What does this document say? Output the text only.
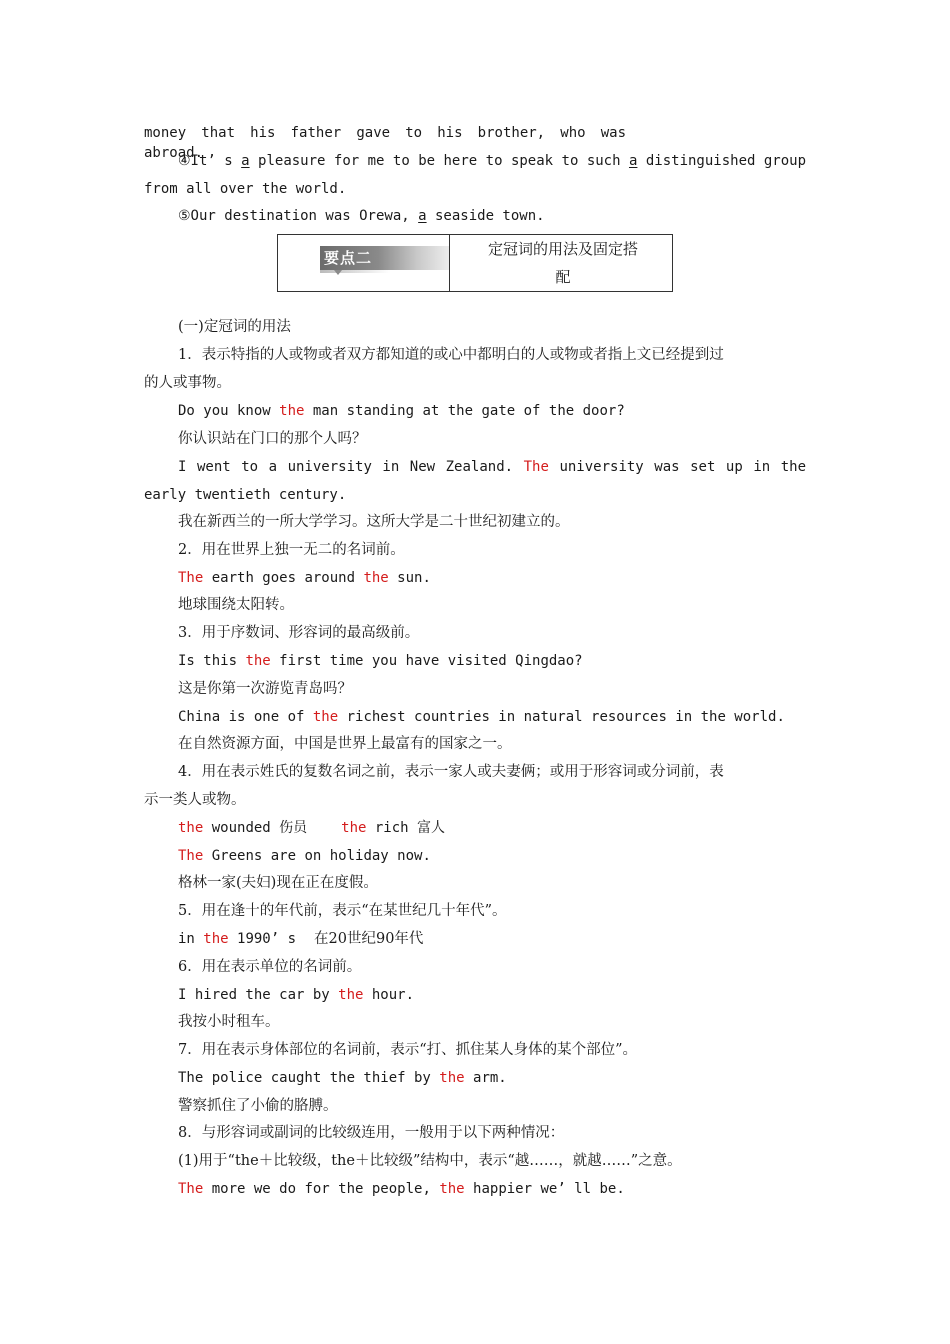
money that his father gave to his brother, who was abroad.
④It’ s a pleasure for me to be here to speak to such a distinguished group
from all over the world.
⑤Our destination was Orewa, a seaside town.
要点二	定冠词的用法及固定搭
配
(一)定冠词的用法
1．表示特指的人或物或者双方都知道的或心中都明白的人或物或者指上文已经提到过
的人或事物。
Do you know the man standing at the gate of the door?
你认识站在门口的那个人吗？
I went to a university in New Zealand. The university was set up in the
early twentieth century.
我在新西兰的一所大学学习。这所大学是二十世纪初建立的。
2．用在世界上独一无二的名词前。
The earth goes around the sun.
地球围绕太阳转。
3．用于序数词、形容词的最高级前。
Is this the first time you have visited Qingdao?
这是你第一次游览青岛吗？
China is one of the richest countries in natural resources in the world.
在自然资源方面，中国是世界上最富有的国家之一。
4．用在表示姓氏的复数名词之前，表示一家人或夫妻俩；或用于形容词或分词前，表
示一类人或物。
the wounded 伤员 the rich 富人
The Greens are on holiday now.
格林一家(夫妇)现在正在度假。
5．用在逢十的年代前，表示“在某世纪几十年代”。
in the 1990’ s 在20世纪90年代
6．用在表示单位的名词前。
I hired the car by the hour.
我按小时租车。
7．用在表示身体部位的名词前，表示“打、抓住某人身体的某个部位”。
The police caught the thief by the arm.
警察抓住了小偷的胳膊。
8．与形容词或副词的比较级连用，一般用于以下两种情况：
(1)用于“the＋比较级，the＋比较级”结构中，表示“越……，就越……”之意。
The more we do for the people, the happier we’ ll be.
